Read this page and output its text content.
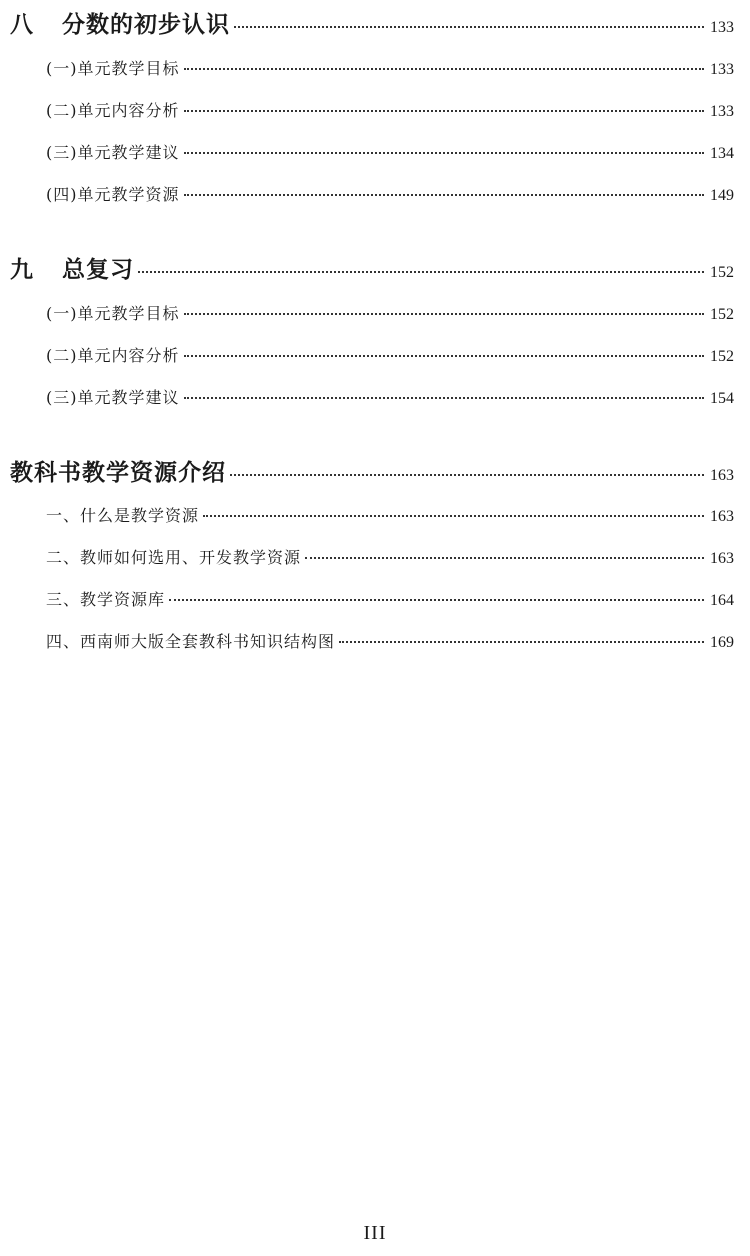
八	分数的初步认识	133
(一)单元教学目标	133
(二)单元内容分析	133
(三)单元教学建议	134
(四)单元教学资源	149
九	总复习	152
(一)单元教学目标	152
(二)单元内容分析	152
(三)单元教学建议	154
教科书教学资源介绍	163
一、什么是教学资源	163
二、教师如何选用、开发教学资源	163
三、教学资源库	164
四、西南师大版全套教科书知识结构图	169
III
